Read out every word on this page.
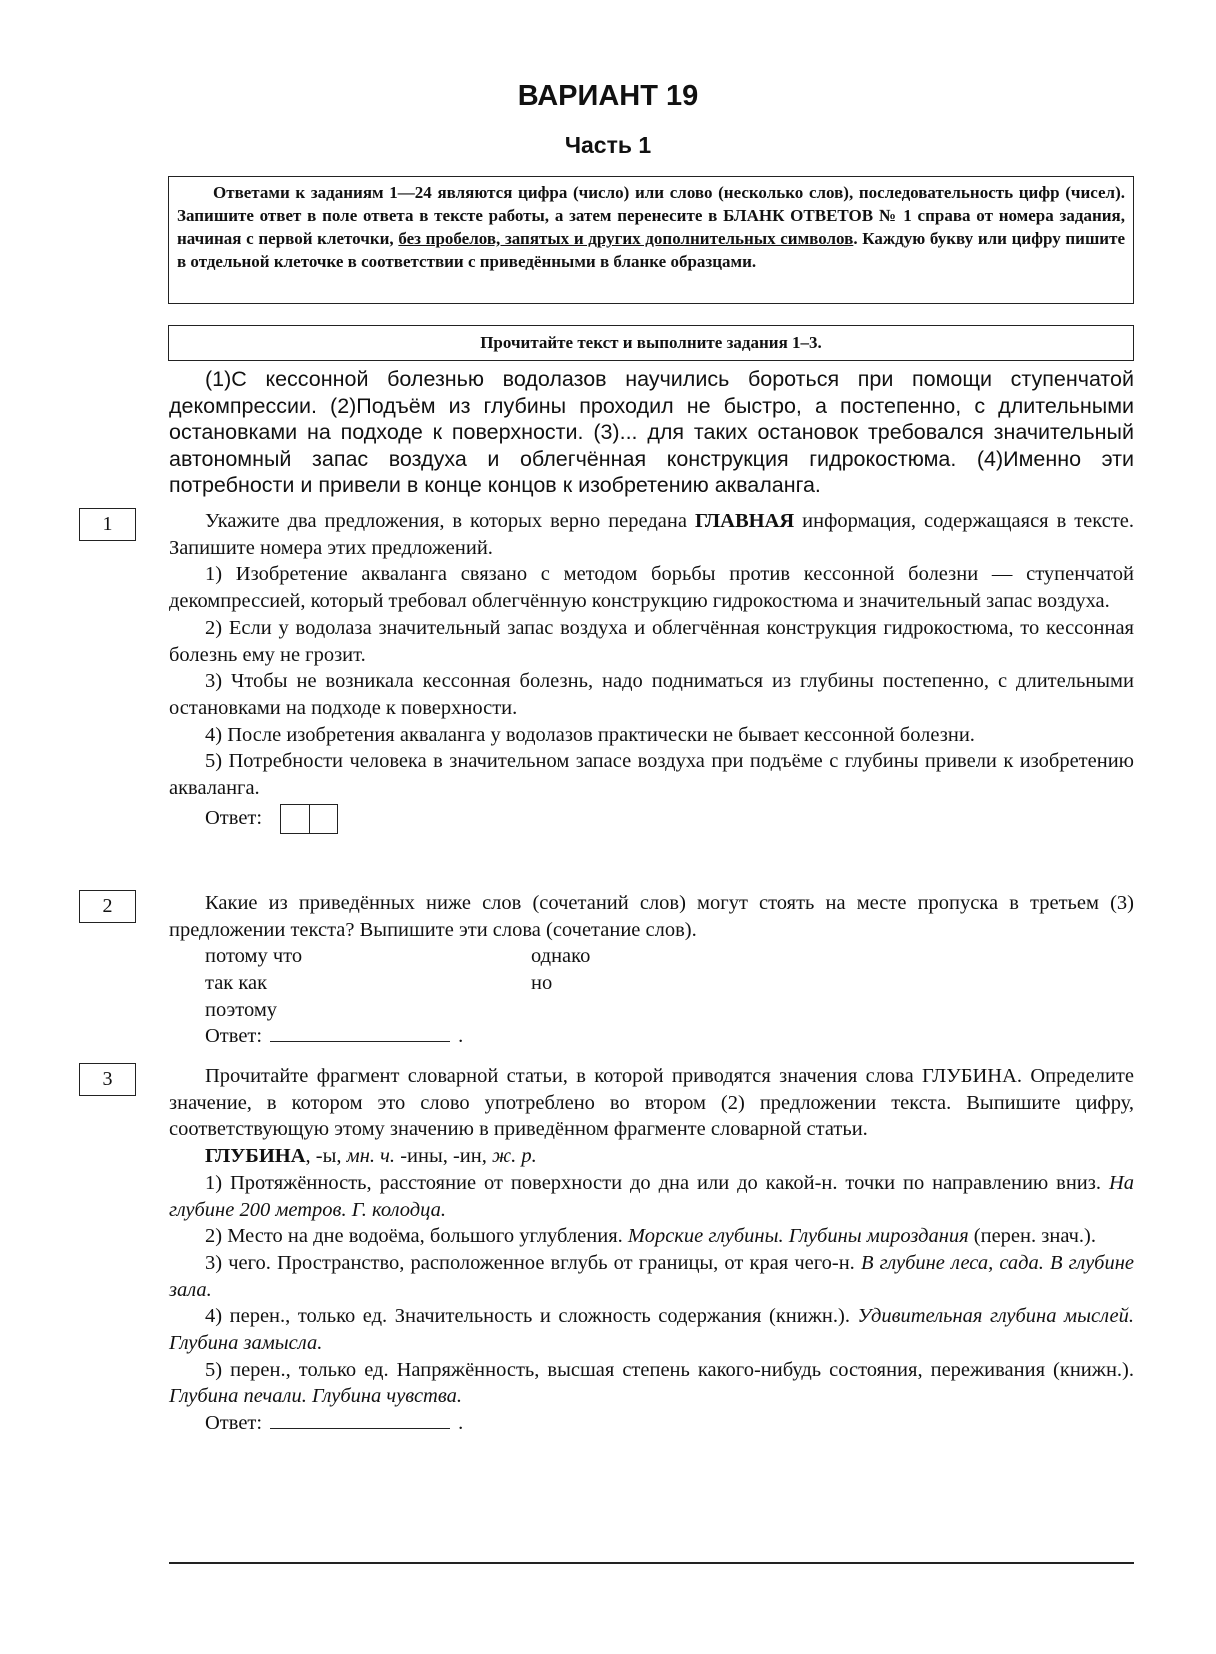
ВАРИАНТ 19
Часть 1

Ответами к заданиям 1—24 являются цифра (число) или слово (несколько слов), последовательность цифр (чисел). Запишите ответ в поле ответа в тексте работы, а затем перенесите в БЛАНК ОТВЕТОВ № 1 справа от номера задания, начиная с первой клеточки, без пробелов, запятых и других дополнительных символов. Каждую букву или цифру пишите в отдельной клеточке в соответствии с приведёнными в бланке образцами.

Прочитайте текст и выполните задания 1–3.

(1)С кессонной болезнью водолазов научились бороться при помощи ступенчатой декомпрессии. (2)Подъём из глубины проходил не быстро, а постепенно, с длительными остановками на подходе к поверхности. (3)... для таких остановок требовался значительный автономный запас воздуха и облегчённая конструкция гидрокостюма. (4)Именно эти потребности и привели в конце концов к изобретению акваланга.

1	Укажите два предложения, в которых верно передана ГЛАВНАЯ информация, содержащаяся в тексте. Запишите номера этих предложений.

1) Изобретение акваланга связано с методом борьбы против кессонной болезни — ступенчатой декомпрессией, который требовал облегчённую конструкцию гидрокостюма и значительный запас воздуха.

2) Если у водолаза значительный запас воздуха и облегчённая конструкция гидрокостюма, то кессонная болезнь ему не грозит.

3) Чтобы не возникала кессонная болезнь, надо подниматься из глубины постепенно, с длительными остановками на подходе к поверхности.

4) После изобретения акваланга у водолазов практически не бывает кессонной болезни.

5) Потребности человека в значительном запасе воздуха при подъёме с глубины привели к изобретению акваланга.

Ответ:
2	Какие из приведённых ниже слов (сочетаний слов) могут стоять на месте пропуска в третьем (3) предложении текста? Выпишите эти слова (сочетание слов).

потому что	однако
так как	но
поэтому
Ответ:	.
3	Прочитайте фрагмент словарной статьи, в которой приводятся значения слова ГЛУБИНА. Определите значение, в котором это слово употреблено во втором (2) предложении текста. Выпишите цифру, соответствующую этому значению в приведённом фрагменте словарной статьи.

ГЛУБИНА, -ы, мн. ч. -ины, -ин, ж. р.

1) Протяжённость, расстояние от поверхности до дна или до какой-н. точки по направлению вниз. На глубине 200 метров. Г. колодца.

2) Место на дне водоёма, большого углубления. Морские глубины. Глубины мироздания (перен. знач.).

3) чего. Пространство, расположенное вглубь от границы, от края чего-н. В глубине леса, сада. В глубине зала.

4) перен., только ед. Значительность и сложность содержания (книжн.). Удивительная глубина мыслей. Глубина замысла.

5) перен., только ед. Напряжённость, высшая степень какого-нибудь состояния, переживания (книжн.). Глубина печали. Глубина чувства.

Ответ:	.
